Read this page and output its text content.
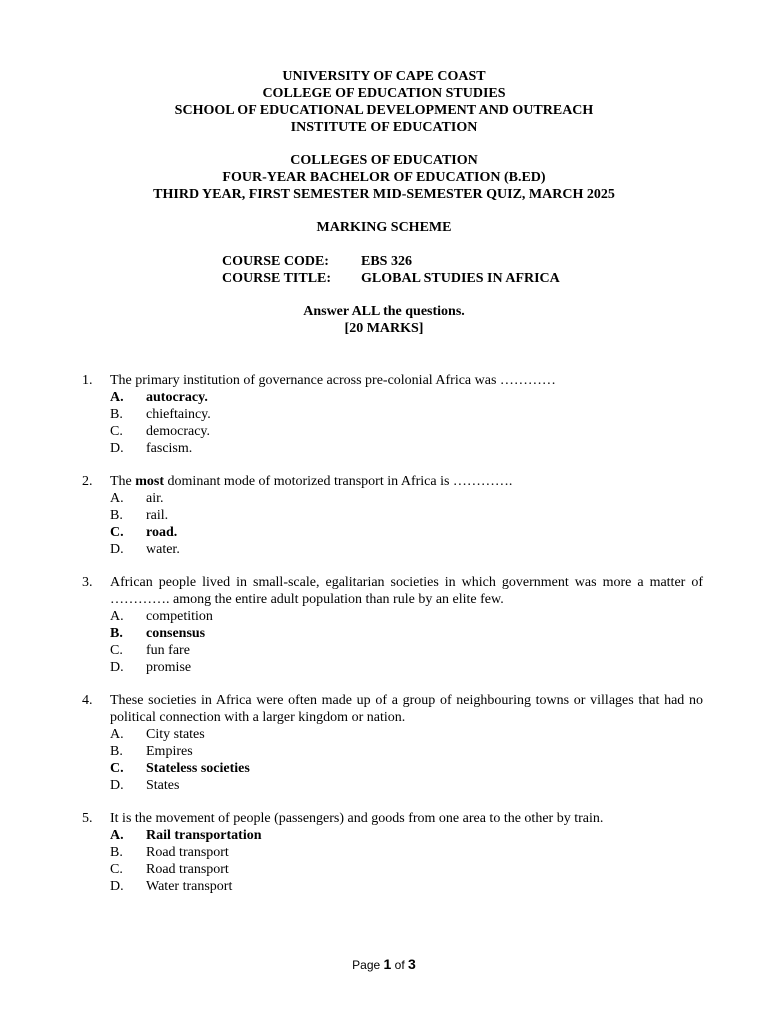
UNIVERSITY OF CAPE COAST
COLLEGE OF EDUCATION STUDIES
SCHOOL OF EDUCATIONAL DEVELOPMENT AND OUTREACH
INSTITUTE OF EDUCATION
COLLEGES OF EDUCATION
FOUR-YEAR BACHELOR OF EDUCATION (B.ED)
THIRD YEAR, FIRST SEMESTER MID-SEMESTER QUIZ, MARCH 2025
MARKING SCHEME
COURSE CODE: EBS 326
COURSE TITLE: GLOBAL STUDIES IN AFRICA
Answer ALL the questions.
[20 MARKS]
1.	The primary institution of governance across pre-colonial Africa was …………
A. autocracy.
B. chieftaincy.
C. democracy.
D. fascism.
2.	The most dominant mode of motorized transport in Africa is ………….
A. air.
B. rail.
C. road.
D. water.
3.	African people lived in small-scale, egalitarian societies in which government was more a matter of …………. among the entire adult population than rule by an elite few.
A. competition
B. consensus
C. fun fare
D. promise
4.	These societies in Africa were often made up of a group of neighbouring towns or villages that had no political connection with a larger kingdom or nation.
A. City states
B. Empires
C. Stateless societies
D. States
5.	It is the movement of people (passengers) and goods from one area to the other by train.
A. Rail transportation
B. Road transport
C. Road transport
D. Water transport
Page 1 of 3
